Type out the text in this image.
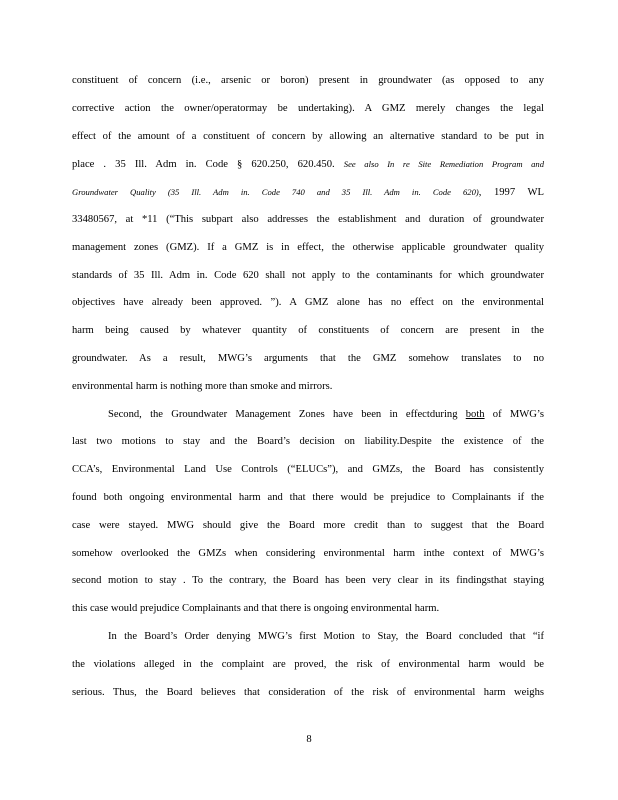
constituent of concern (i.e., arsenic or boron) present in groundwater (as opposed to any
corrective action the owner/operatormay be undertaking). A GMZ merely changes the legal
effect of the amount of a constituent of concern by allowing an alternative standard to be put in
place . 35 Ill. Adm in. Code § 620.250, 620.450. See also In re Site Remediation Program and
Groundwater Quality (35 Ill. Adm in. Code 740 and 35 Ill. Adm in. Code 620), 1997 WL
33480567, at *11 (“This subpart also addresses the establishment and duration of groundwater
management zones (GMZ). If a GMZ is in effect, the otherwise applicable groundwater quality
standards of 35 Ill. Adm in. Code 620 shall not apply to the contaminants for which groundwater
objectives have already been approved. ”). A GMZ alone has no effect on the environmental
harm being caused by whatever quantity of constituents of concern are present in the
groundwater. As a result, MWG’s arguments that the GMZ somehow translates to no
environmental harm is nothing more than smoke and mirrors.
Second, the Groundwater Management Zones have been in effectduring both of MWG’s
last two motions to stay and the Board’s decision on liability.Despite the existence of the
CCA’s, Environmental Land Use Controls (“ELUCs”), and GMZs, the Board has consistently
found both ongoing environmental harm and that there would be prejudice to Complainants if the
case were stayed. MWG should give the Board more credit than to suggest that the Board
somehow overlooked the GMZs when considering environmental harm inthe context of MWG’s
second motion to stay . To the contrary, the Board has been very clear in its findingsthat staying
this case would prejudice Complainants and that there is ongoing environmental harm.
In the Board’s Order denying MWG’s first Motion to Stay, the Board concluded that “if
the violations alleged in the complaint are proved, the risk of environmental harm would be
serious. Thus, the Board believes that consideration of the risk of environmental harm weighs
8
